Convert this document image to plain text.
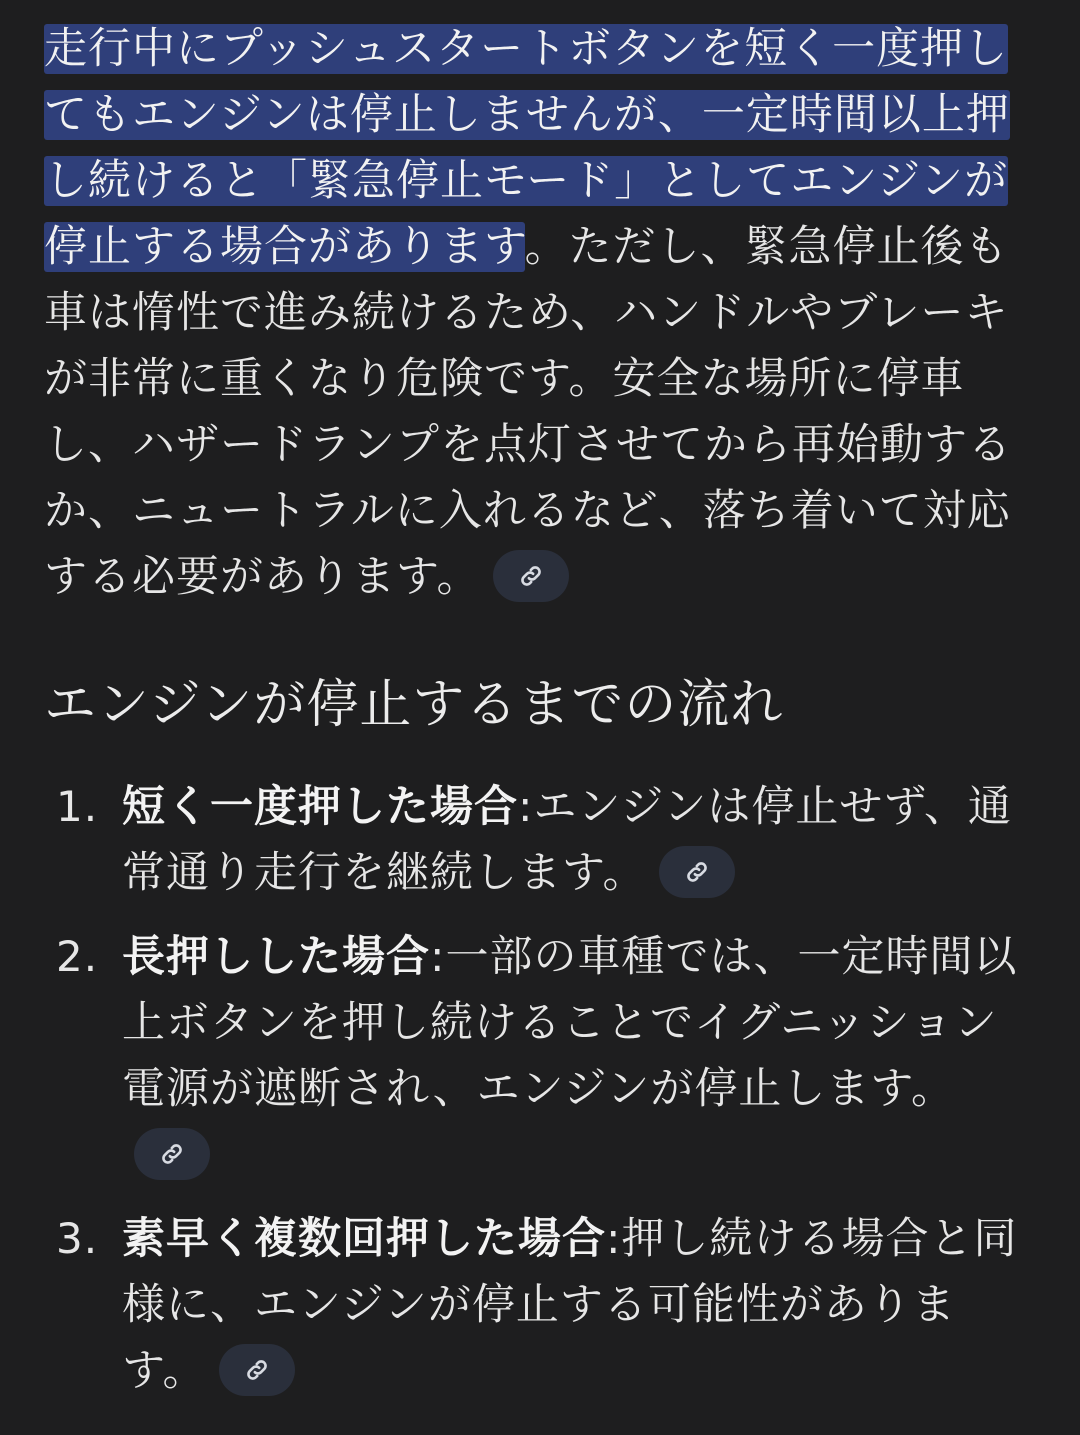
走行中にプッシュスタートボタンを短く一度押してもエンジンは停止しませんが、一定時間以上押し続けると「緊急停止モード」としてエンジンが停止する場合があります。ただし、緊急停止後も車は惰性で進み続けるため、ハンドルやブレーキが非常に重くなり危険です。安全な場所に停車し、ハザードランプを点灯させてから再始動するか、ニュートラルに入れるなど、落ち着いて対応する必要があります。

エンジンが停止するまでの流れ
1. 短く一度押した場合:エンジンは停止せず、通常通り走行を継続します。
2. 長押しした場合:一部の車種では、一定時間以上ボタンを押し続けることでイグニッション電源が遮断され、エンジンが停止します。
3. 素早く複数回押した場合:押し続ける場合と同様に、エンジンが停止する可能性があります。
